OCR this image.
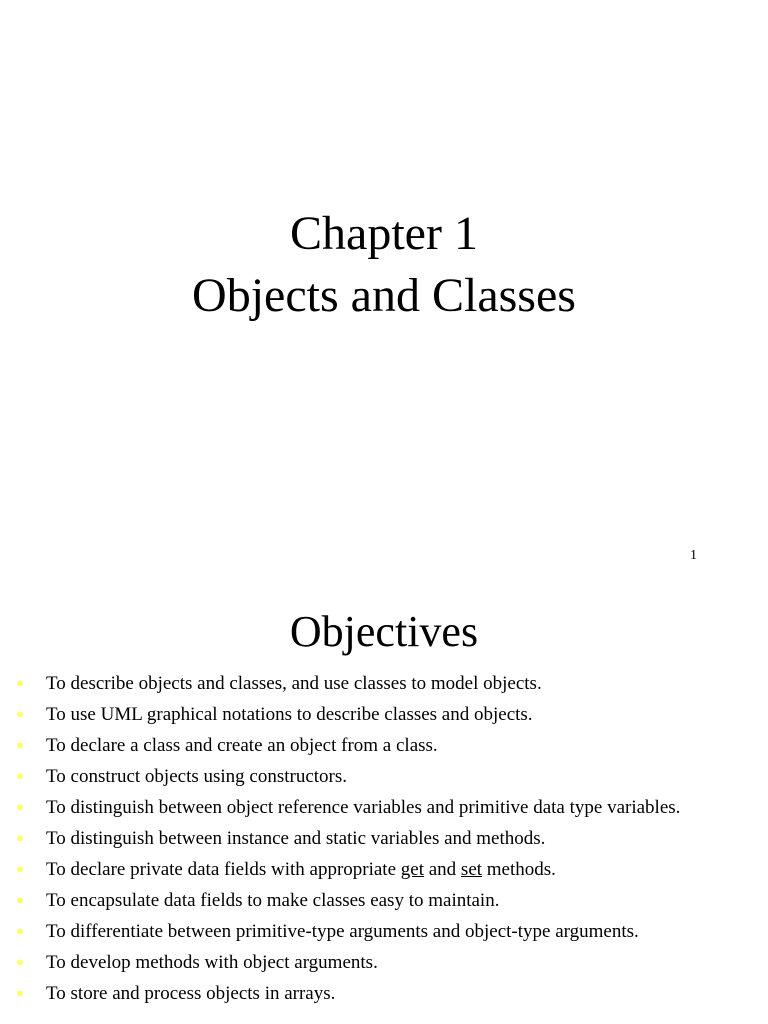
Chapter 1
Objects and Classes
1
Objectives
● To describe objects and classes, and use classes to model objects.
● To use UML graphical notations to describe classes and objects.
● To declare a class and create an object from a class.
● To construct objects using constructors.
● To distinguish between object reference variables and primitive data type variables.
● To distinguish between instance and static variables and methods.
● To declare private data fields with appropriate get and set methods.
● To encapsulate data fields to make classes easy to maintain.
● To differentiate between primitive-type arguments and object-type arguments.
● To develop methods with object arguments.
● To store and process objects in arrays.
